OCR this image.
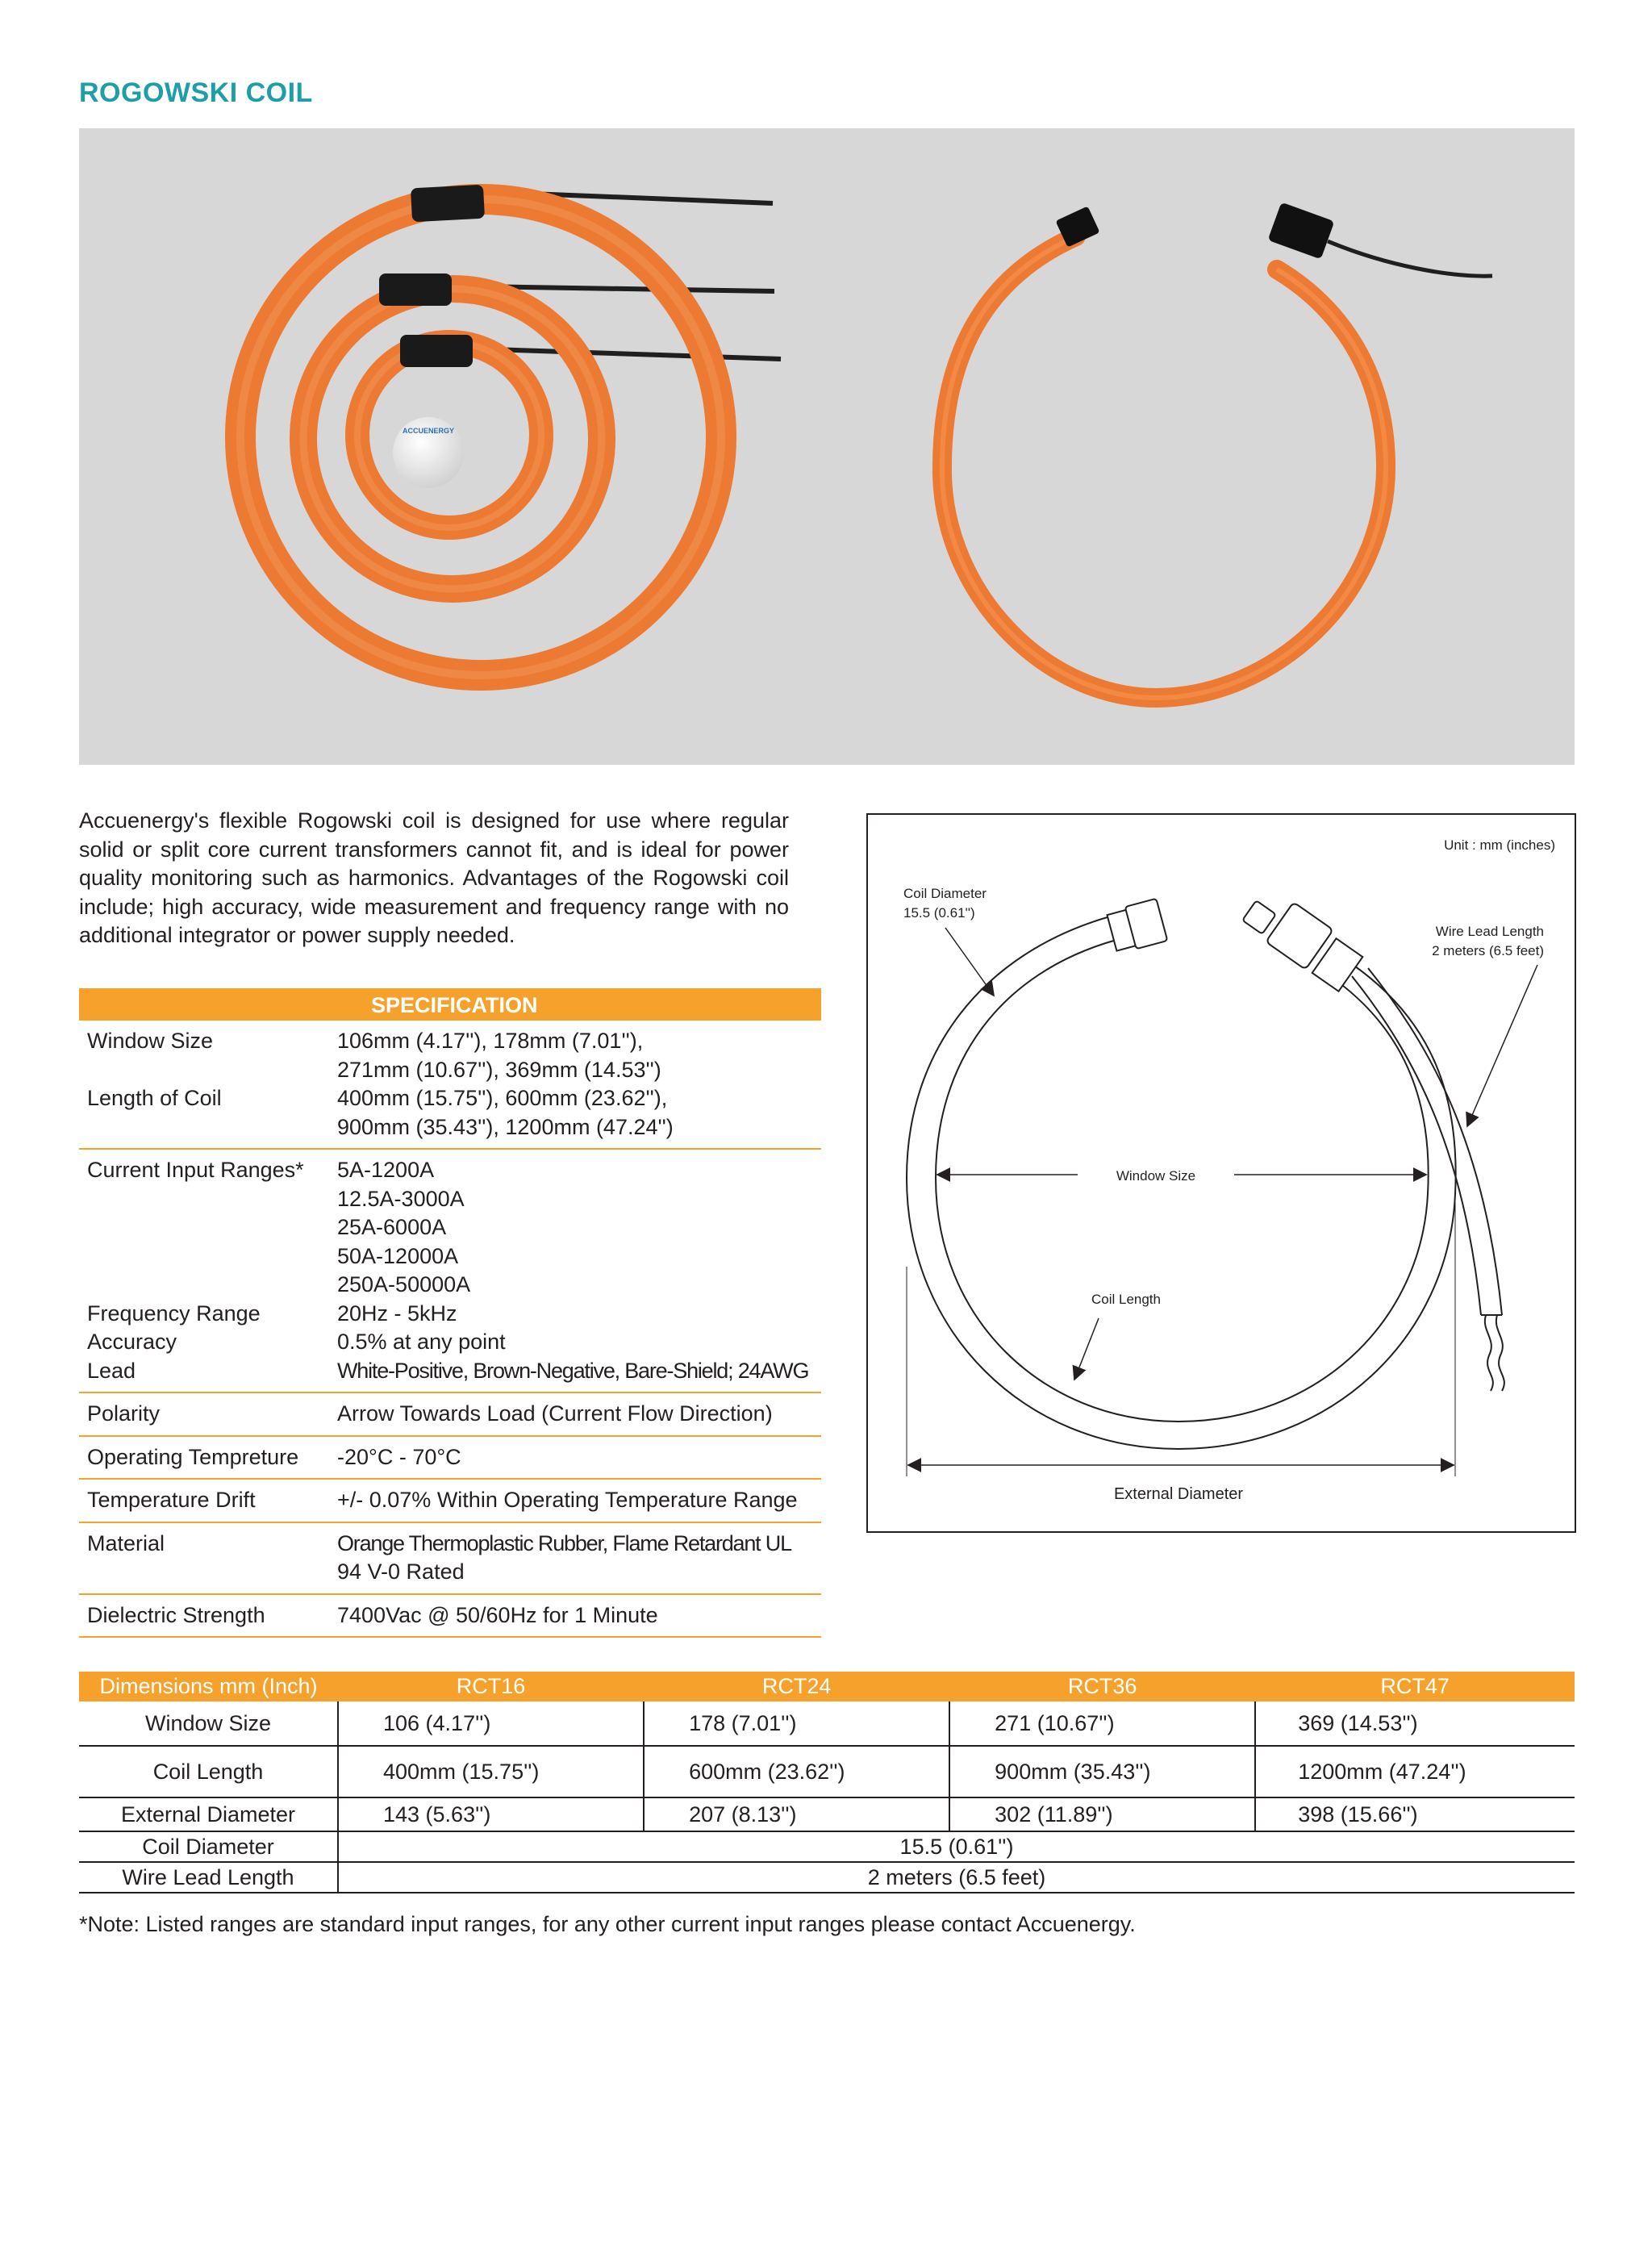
ROGOWSKI COIL
ACCUENERGY
Accuenergy's flexible Rogowski coil is designed for use where regular solid or split core current transformers cannot fit, and is ideal for power quality monitoring such as harmonics. Advantages of the Rogowski coil include; high accuracy, wide measurement and frequency range with no additional integrator or power supply needed.
SPECIFICATION
Window Size	106mm (4.17''), 178mm (7.01''),
271mm (10.67''), 369mm (14.53'')
Length of Coil	400mm (15.75''), 600mm (23.62''),
900mm (35.43''), 1200mm (47.24'')
Current Input Ranges*	5A-1200A
12.5A-3000A
25A-6000A
50A-12000A
250A-50000A
Frequency Range	20Hz - 5kHz
Accuracy	0.5% at any point
Lead	White-Positive, Brown-Negative, Bare-Shield; 24AWG
Polarity	Arrow Towards Load (Current Flow Direction)
Operating Tempreture	-20°C - 70°C
Temperature Drift	+/- 0.07% Within Operating Temperature Range
Material	Orange Thermoplastic Rubber, Flame Retardant UL
94 V-0 Rated
Dielectric Strength	7400Vac @ 50/60Hz for 1 Minute
Unit : mm (inches)
Coil Diameter
15.5 (0.61'')
Wire Lead Length
2 meters (6.5 feet)
Window Size
Coil Length
External Diameter
Dimensions mm (Inch)	RCT16	RCT24	RCT36	RCT47
Window Size	106 (4.17'')	178 (7.01'')	271 (10.67'')	369 (14.53'')
Coil Length	400mm (15.75'')	600mm (23.62'')	900mm (35.43'')	1200mm (47.24'')
External Diameter	143 (5.63'')	207 (8.13'')	302 (11.89'')	398 (15.66'')
Coil Diameter	15.5 (0.61'')			
Wire Lead Length	2 meters (6.5 feet)			
*Note: Listed ranges are standard input ranges, for any other current input ranges please contact Accuenergy.
